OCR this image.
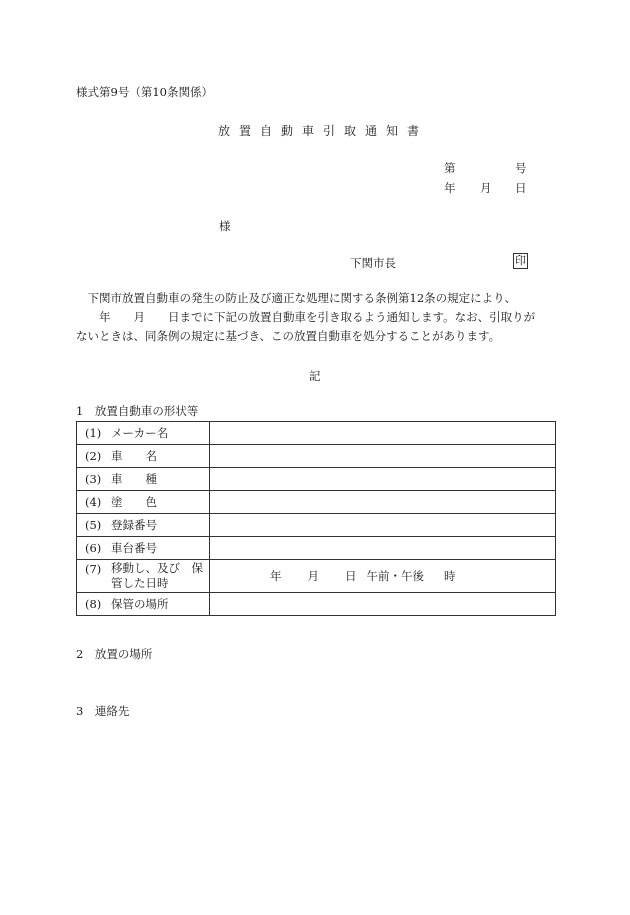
様式第9号（第10条関係）
放置自動車引取通知書
第	号
年 月 日
様
下関市長	印

　下関市放置自動車の発生の防止及び適正な処理に関する条例第12条の規定により、

　　年　　月　　日までに下記の放置自動車を引き取るよう通知します。なお、引取りが

ないときは、同条例の規定に基づき、この放置自動車を処分することがあります。

記
1　放置自動車の形状等
(1) メーカー名	
(2) 車　　名	
(3) 車　　種	
(4) 塗　　色	
(5) 登録番号	
(6) 車台番号	

(7) 移動し、及び　保
管した日時	年 月 日 午前・午後 時

(8) 保管の場所	
2　放置の場所
3　連絡先
